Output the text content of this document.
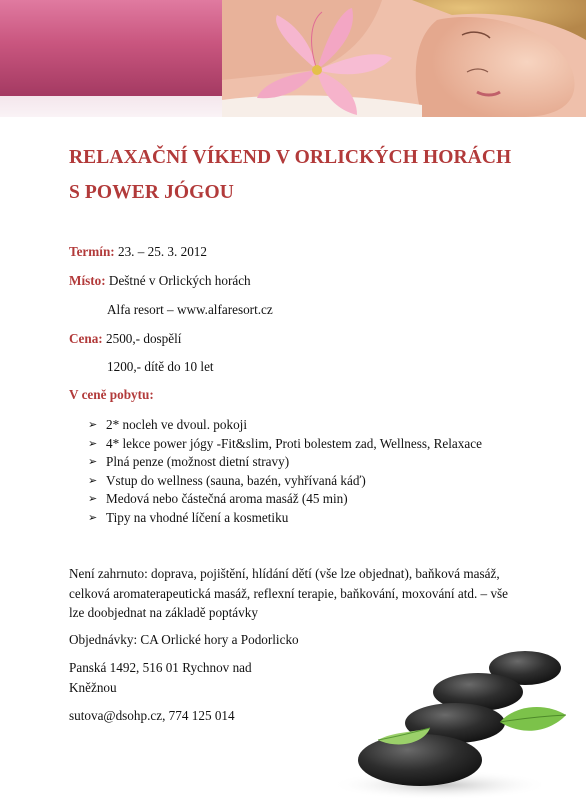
RELAXAČNÍ VÍKEND V ORLICKÝCH HORÁCH
S POWER JÓGOU
Termín: 23. – 25. 3. 2012
Místo: Deštné v Orlických horách
Alfa resort – www.alfaresort.cz
Cena: 2500,- dospělí
1200,- dítě do 10 let
V ceně pobytu:
➢ 2* nocleh ve dvoul. pokoji
➢ 4* lekce power jógy -Fit&slim, Proti bolestem zad, Wellness, Relaxace
➢ Plná penze (možnost dietní stravy)
➢ Vstup do wellness (sauna, bazén, vyhřívaná káď)
➢ Medová nebo částečná aroma masáž (45 min)
➢ Tipy na vhodné líčení a kosmetiku
Není zahrnuto: doprava, pojištění, hlídání dětí (vše lze objednat), baňková masáž, celková aromaterapeutická masáž, reflexní terapie, baňkování, moxování atd. – vše lze doobjednat na základě poptávky
Objednávky: CA Orlické hory a Podorlicko
Panská 1492, 516 01 Rychnov nad Kněžnou
sutova@dsohp.cz, 774 125 014
